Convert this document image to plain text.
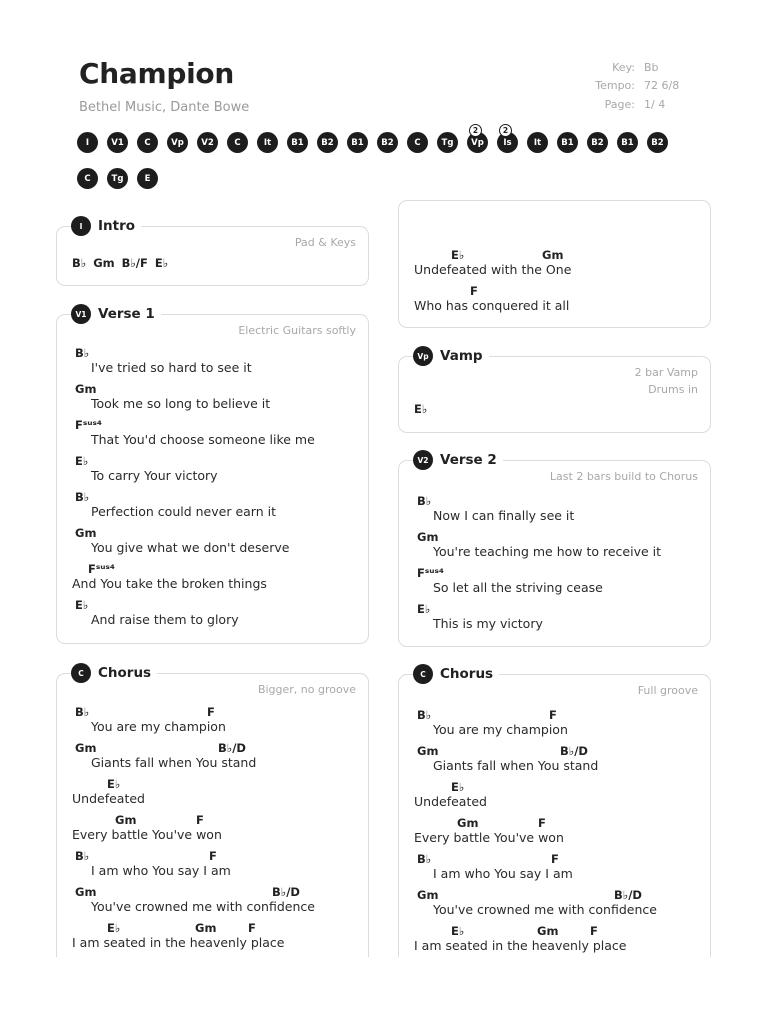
Champion
Bethel Music, Dante Bowe
Key: Bb
Tempo: 72 6/8
Page: 1/ 4
I	V1	C	Vp	V2	C	It	B1	B2	B1	B2	C	Tg	Vp
2
Is
2
It	B1	B2	B1	B2
C	Tg	E
I	Intro
Pad & Keys
B♭ Gm B♭/F E♭
V1 Verse 1
Electric Guitars softly
B♭
I've tried so hard to see it
Gm
Took me so long to believe it
Fˢᵘˢ⁴
That You'd choose someone like me
E♭
To carry Your victory
B♭
Perfection could never earn it
Gm
You give what we don't deserve
Fˢᵘˢ⁴
And You take the broken things
E♭
And raise them to glory
C	Chorus
Bigger, no groove
B♭	F
You are my champion
Gm	B♭/D
Giants fall when You stand
E♭
Undefeated
Gm	F
Every battle You've won
B♭	F
I am who You say I am
Gm	B♭/D
You've crowned me with confidence
E♭	Gm	F
I am seated in the heavenly place
E♭	Gm
Undefeated with the One
F
Who has conquered it all
Vp Vamp
2 bar Vamp
Drums in
E♭
V2 Verse 2
Last 2 bars build to Chorus
B♭
Now I can finally see it
Gm
You're teaching me how to receive it
Fˢᵘˢ⁴
So let all the striving cease
E♭
This is my victory
C	Chorus
Full groove
B♭	F
You are my champion
Gm	B♭/D
Giants fall when You stand
E♭
Undefeated
Gm	F
Every battle You've won
B♭	F
I am who You say I am
Gm	B♭/D
You've crowned me with confidence
E♭	Gm	F
I am seated in the heavenly place
